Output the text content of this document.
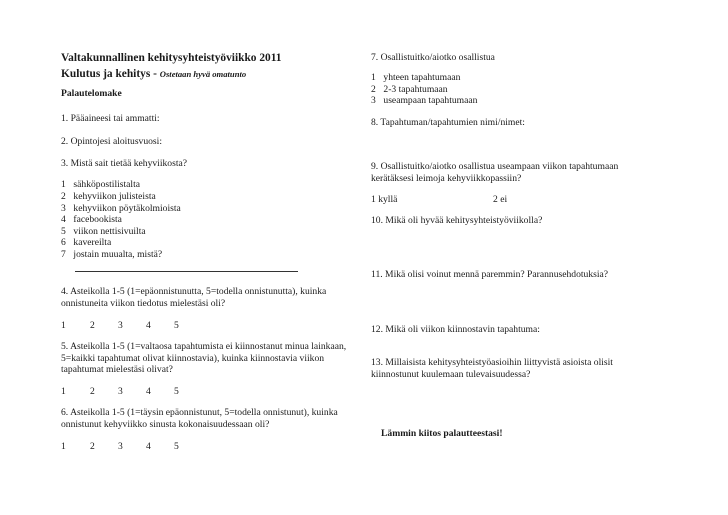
Valtakunnallinen kehitysyhteistyöviikko 2011
Kulutus ja kehitys - Ostetaan hyvä omatunto
Palautelomake
1. Pääaineesi tai ammatti:
2. Opintojesi aloitusvuosi:
3. Mistä sait tietää kehyviikosta?
1 sähköpostilistalta
2 kehyviikon julisteista
3 kehyviikon pöytäkolmioista
4 facebookista
5 viikon nettisivuilta
6 kavereilta
7 jostain muualta, mistä?
4. Asteikolla 1-5 (1=epäonnistunutta, 5=todella onnistunutta), kuinka
onnistuneita viikon tiedotus mielestäsi oli?
1	2 3 4 5
5. Asteikolla 1-5 (1=valtaosa tapahtumista ei kiinnostanut minua lainkaan,
5=kaikki tapahtumat olivat kiinnostavia), kuinka kiinnostavia viikon
tapahtumat mielestäsi olivat?
1	2 3 4 5
6. Asteikolla 1-5 (1=täysin epäonnistunut, 5=todella onnistunut), kuinka
onnistunut kehyviikko sinusta kokonaisuudessaan oli?
1	2 3 4 5
7. Osallistuitko/aiotko osallistua
1 yhteen tapahtumaan
2 2-3 tapahtumaan
3 useampaan tapahtumaan
8. Tapahtuman/tapahtumien nimi/nimet:
9. Osallistuitko/aiotko osallistua useampaan viikon tapahtumaan
kerätäksesi leimoja kehyviikkopassiin?
1 kyllä	2 ei
10. Mikä oli hyvää kehitysyhteistyöviikolla?
11. Mikä olisi voinut mennä paremmin? Parannusehdotuksia?
12. Mikä oli viikon kiinnostavin tapahtuma:
13. Millaisista kehitysyhteistyöasioihin liittyvistä asioista olisit
kiinnostunut kuulemaan tulevaisuudessa?
Lämmin kiitos palautteestasi!
